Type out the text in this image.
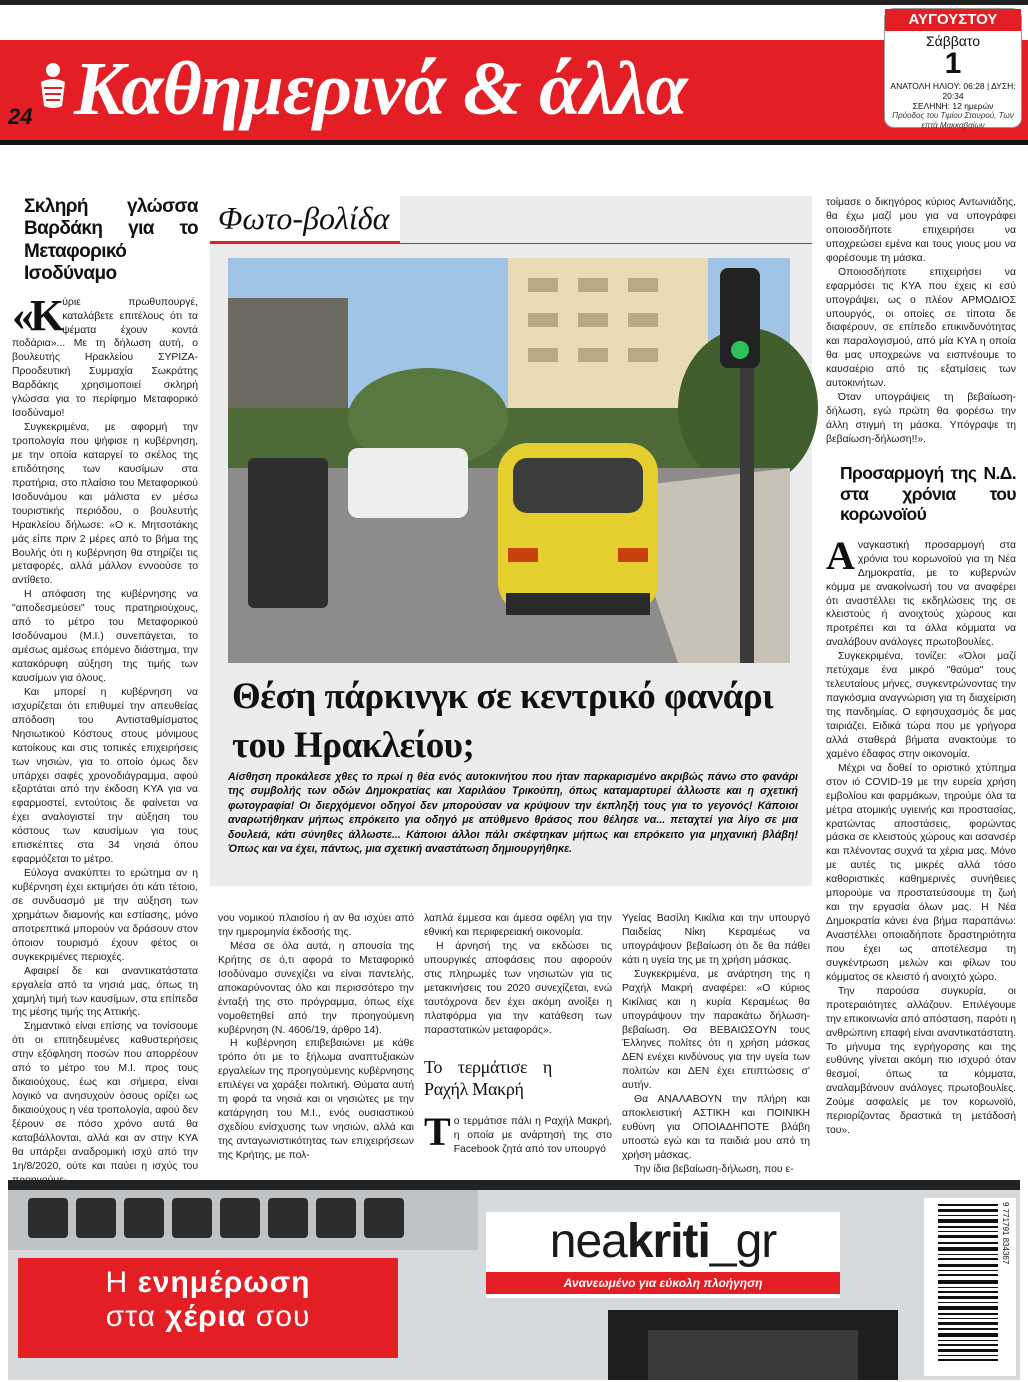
24 Καθημερινά & άλλα
ΑΥΓΟΥΣΤΟΥ
Σάββατο
1
ΑΝΑΤΟΛΗ ΗΛΙΟΥ: 06:28 | ΔΥΣΗ: 20:34
ΣΕΛΗΝΗ: 12 ημερών
Πρόοδος του Τιμίου Σταυρού, Των επτά Μακκαβαίων
Σκληρή γλώσσα Βαρδάκη για το Μεταφορικό Ισοδύναμο
«Κ ύριε πρωθυπουργέ, καταλάβετε επιτέλους ότι τα ψέματα έχουν κοντά ποδάρια»... Με τη δήλωση αυτή, ο βουλευτής Ηρακλείου ΣΥΡΙΖΑ-Προοδευτική Συμμαχία Σωκράτης Βαρδάκης χρησιμοποιεί σκληρή γλώσσα για το περίφημο Μεταφορικό Ισοδύναμο!

Συγκεκριμένα, με αφορμή την τροπολογία που ψήφισε η κυβέρνηση, με την οποία καταργεί το σκέλος της επιδότησης των καυσίμων στα πρατήρια, στο πλαίσιο του Μεταφορικού Ισοδυνάμου και μάλιστα εν μέσω τουριστικής περιόδου, ο βουλευτής Ηρακλείου δήλωσε: «Ο κ. Μητσοτάκης μάς είπε πριν 2 μέρες από το βήμα της Βουλής ότι η κυβέρνηση θα στηρίζει τις μεταφορές, αλλά μάλλον εννοούσε το αντίθετο.

Η απόφαση της κυβέρνησης να "αποδεσμεύσει" τους πρατηριούχους, από το μέτρο του Μεταφορικού Ισοδύναμου (Μ.Ι.) συνεπάγεται, το αμέσως αμέσως επόμενο διάστημα, την κατακόρυφη αύξηση της τιμής των καυσίμων για όλους.

Και μπορεί η κυβέρνηση να ισχυρίζεται ότι επιθυμεί την απευθείας απόδοση του Αντισταθμίσματος Νησιωτικού Κόστους στους μόνιμους κατοίκους και στις τοπικές επιχειρήσεις των νησιών, για το οποίο όμως δεν υπάρχει σαφές χρονοδιάγραμμα, αφού εξαρτάται από την έκδοση ΚΥΑ για να εφαρμοστεί, εντούτοις δε φαίνεται να έχει αναλογιστεί την αύξηση του κόστους των καυσίμων για τους επισκέπτες στα 34 νησιά όπου εφαρμόζεται το μέτρο.

Εύλογα ανακύπτει το ερώτημα αν η κυβέρνηση έχει εκτιμήσει ότι κάτι τέτοιο, σε συνδυασμό με την αύξηση των χρημάτων διαμονής και εστίασης, μόνο αποτρεπτικά μπορούν να δράσουν στον όποιον τουρισμό έχουν φέτος οι συγκεκριμένες περιοχές.

Αφαιρεί δε και αναντικατάστατα εργαλεία από τα νησιά μας, όπως τη χαμηλή τιμή των καυσίμων, στα επίπεδα της μέσης τιμής της Αττικής.

Σημαντικό είναι επίσης να τονίσουμε ότι οι επιτηδευμένες καθυστερήσεις στην εξόφληση ποσών που απορρέουν από το μέτρο του Μ.Ι. προς τους δικαιούχους, έως και σήμερα, είναι λογικό να ανησυχούν όσους ορίζει ως δικαιούχους η νέα τροπολογία, αφού δεν ξέρουν σε πόσο χρόνο αυτά θα καταβάλλονται, αλλά και αν στην ΚΥΑ θα υπάρξει αναδρομική ισχύ από την 1η/8/2020, ούτε και παύει η ισχύς του

Φωτο-βολίδα
Θέση πάρκινγκ σε κεντρικό φανάρι του Ηρακλείου;
Αίσθηση προκάλεσε χθες το πρωί η θέα ενός αυτοκινήτου που ήταν παρκαρισμένο ακριβώς πάνω στο φανάρι της συμβολής των οδών Δημοκρατίας και Χαριλάου Τρικούπη, όπως καταμαρτυρεί άλλωστε και η σχετική φωτογραφία! Οι διερχόμενοι οδηγοί δεν μπορούσαν να κρύψουν την έκπληξή τους για το γεγονός! Κάποιοι αναρωτήθηκαν μήπως επρόκειτο για οδηγό με απύθμενο θράσος που θέλησε να... πεταχτεί για λίγο σε μια δουλειά, κάτι σύνηθες άλλωστε... Κάποιοι άλλοι πάλι σκέφτηκαν μήπως και επρόκειτο για μηχανική βλάβη! Όπως και να έχει, πάντως, μια σχετική αναστάτωση δημιουργήθηκε.

νου νομικού πλαισίου ή αν θα ισχύει από την ημερομηνία έκδοσής της.

Μέσα σε όλα αυτά, η απουσία της Κρήτης σε ό,τι αφορά το Μεταφορικό Ισοδύναμο συνεχίζει να είναι παντελής, αποκαρύνοντας όλο και περισσότερο την ένταξή της στο πρόγραμμα, όπως είχε νομοθετηθεί από την προηγούμενη κυβέρνηση (Ν. 4606/19, άρθρο 14).

Η κυβέρνηση επιβεβαιώνει με κάθε τρόπο ότι με το ξήλωμα αναπτυξιακών εργαλείων της προηγούμενης κυβέρνησης επιλέγει να χαράξει πολιτική. Θύματα αυτή τη φορά τα νησιά και οι νησιώτες με την κατάργηση του Μ.Ι., ενός ουσιαστικού σχεδίου ενίσχυσης των νησιών, αλλά και της ανταγωνιστικότητας των επιχειρήσεων της Κρήτης, με πολ-

λαπλά έμμεσα και άμεσα οφέλη για την εθνική και περιφερειακή οικονομία.

Η άρνησή της να εκδώσει τις υπουργικές αποφάσεις που αφορούν στις πληρωμές των νησιωτών για τις μετακινήσεις του 2020 συνεχίζεται, ενώ ταυτόχρονα δεν έχει ακόμη ανοίξει η πλατφόρμα για την κατάθεση των παραστατικών μεταφοράς».

Το τερμάτισε η Ραχήλ Μακρή
Τ ο τερμάτισε πάλι η Ραχήλ Μακρή, η οποία με ανάρτησή της στο Facebook ζητά από τον υπουργό

Υγείας Βασίλη Κικίλια και την υπουργό Παιδείας Νίκη Κεραμέως να υπογράψουν βεβαίωση ότι δε θα πάθει κάτι η υγεία της με τη χρήση μάσκας.

Συγκεκριμένα, με ανάρτηση της η Ραχήλ Μακρή αναφέρει: «Ο κύριος Κικίλιας και η κυρία Κεραμέως θα υπογράψουν την παρακάτω δήλωση-βεβαίωση. Θα ΒΕΒΑΙΩΣΟΥΝ τους Έλληνες πολίτες ότι η χρήση μάσκας ΔΕΝ ενέχει κινδύνους για την υγεία των πολιτών και ΔΕΝ έχει επιπτώσεις σ' αυτήν.

Θα ΑΝΑΛΑΒΟΥΝ την πλήρη και αποκλειστική ΑΣΤΙΚΗ και ΠΟΙΝΙΚΗ ευθύνη για ΟΠΟΙΑΔΗΠΟΤΕ βλάβη υποστώ εγώ και τα παιδιά μου από τη χρήση μάσκας.

Την ίδια βεβαίωση-δήλωση, που ε-

τοίμασε ο δικηγόρος κύριος Αντωνιάδης, θα έχω μαζί μου για να υπογράφει οποιοσδήποτε επιχειρήσει να υποχρεώσει εμένα και τους γιους μου να φορέσουμε τη μάσκα.

Οποιοσδήποτε επιχειρήσει να εφαρμόσει τις ΚΥΑ που έχεις κι εσύ υπογράψει, ως ο πλέον ΑΡΜΟΔΙΟΣ υπουργός, οι οποίες σε τίποτα δε διαφέρουν, σε επίπεδο επικινδυνότητας και παραλογισμού, από μία ΚΥΑ η οποία θα μας υποχρεώνε να εισπνέουμε το καυσαέριο από τις εξατμίσεις των αυτοκινήτων.

Όταν υπογράψεις τη βεβαίωση-δήλωση, εγώ πρώτη θα φορέσω την άλλη στιγμή τη μάσκα. Υπόγραψε τη βεβαίωση-δήλωση!!».

Προσαρμογή της Ν.Δ. στα χρόνια του κορωνοϊού
Α ναγκαστική προσαρμογή στα χρόνια του κορωνοϊού για τη Νέα Δημοκρατία, με το κυβερνών κόμμα με ανακοίνωσή του να αναφέρει ότι αναστέλλει τις εκδηλώσεις της σε κλειστούς ή ανοιχτούς χώρους και προτρέπει και τα άλλα κόμματα να αναλάβουν ανάλογες πρωτοβουλίες.

Συγκεκριμένα, τονίζει: «Όλοι μαζί πετύχαμε ένα μικρό "θαύμα" τους τελευταίους μήνες, συγκεντρώνοντας την παγκόσμια αναγνώριση για τη διαχείριση της πανδημίας. Ο εφησυχασμός δε μας ταιριάζει. Ειδικά τώρα που με γρήγορα αλλά σταθερά βήματα ανακτούμε το χαμένο έδαφος στην οικονομία.

Μέχρι να δοθεί το οριστικό χτύπημα στον ιό COVID-19 με την ευρεία χρήση εμβολίου και φαρμάκων, τηρούμε όλα τα μέτρα ατομικής υγιεινής και προστασίας, κρατώντας αποστάσεις, φορώντας μάσκα σε κλειστούς χώρους και ασανσέρ και πλένοντας συχνά τα χέρια μας. Μόνο με αυτές τις μικρές αλλά τόσο καθοριστικές καθημερινές συνήθειες μπορούμε να προστατεύσουμε τη ζωή και την εργασία όλων μας. Η Νέα Δημοκρατία κάνει ένα βήμα παραπάνω: Αναστέλλει οποιαδήποτε δραστηριότητα που έχει ως αποτέλεσμα τη συγκέντρωση μελών και φίλων του κόμματος σε κλειστό ή ανοιχτό χώρο.

Την παρούσα συγκυρία, οι προτεραιότητες αλλάζουν. Επιλέγουμε την επικοινωνία από απόσταση, παρότι η ανθρώπινη επαφή είναι αναντικατάστατη. Το μήνυμα της εγρήγορσης και της ευθύνης γίνεται ακόμη πιο ισχυρό όταν θεσμοί, όπως τα κόμματα, αναλαμβάνουν ανάλογες πρωτοβουλίες. Ζούμε ασφαλείς με τον κορωνοϊό, περιορίζοντας δραστικά τη μετάδοσή του».

Η ενημέρωση
στα χέρια σου
neakriti_gr
Ανανεωμένο για εύκολη πλοήγηση
9 771791 834367
